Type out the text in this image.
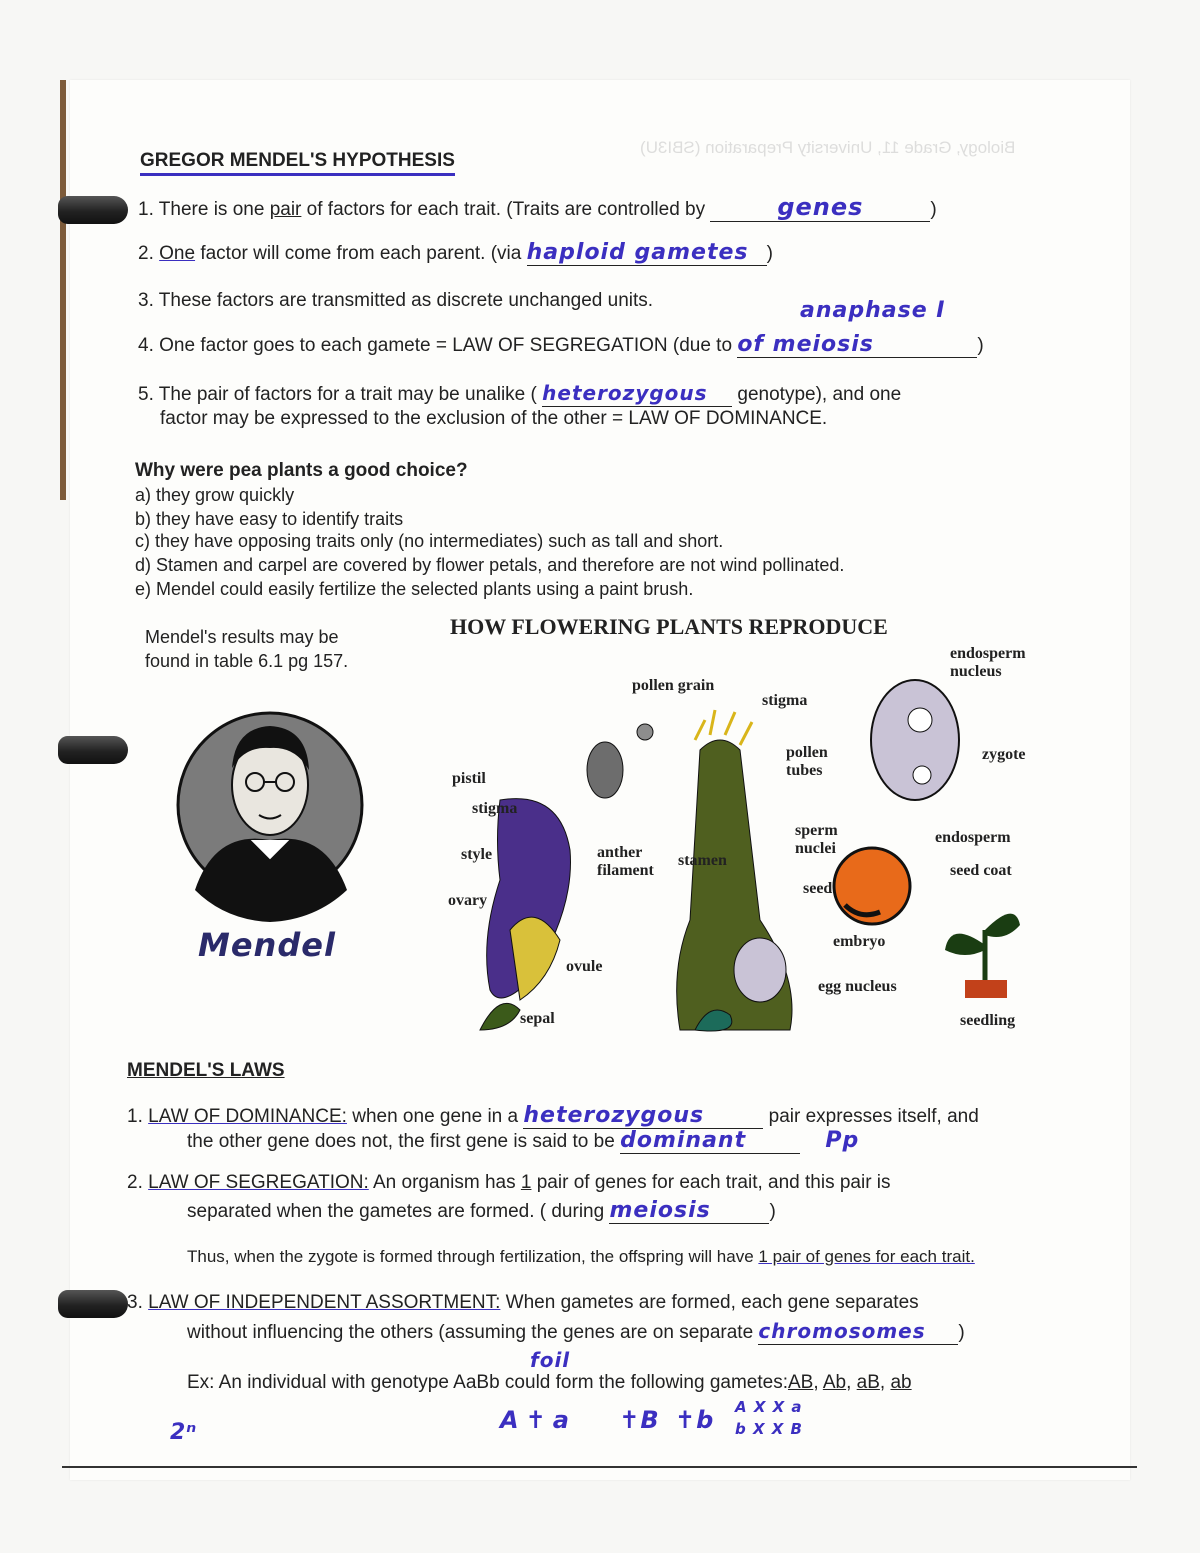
Biology, Grade 11, University Preparation (SBI3U)
GREGOR MENDEL'S HYPOTHESIS
1. There is one pair of factors for each trait. (Traits are controlled by	genes	)
2. One factor will come from each parent. (via haploid gametes )
3. These factors are transmitted as discrete unchanged units.	anaphase I
4. One factor goes to each gamete = LAW OF SEGREGATION (due to of meiosis	)
5. The pair of factors for a trait may be unalike ( heterozygous genotype), and one
factor may be expressed to the exclusion of the other = LAW OF DOMINANCE.
Why were pea plants a good choice?
a) they grow quickly
b) they have easy to identify traits
c) they have opposing traits only (no intermediates) such as tall and short.
d) Stamen and carpel are covered by flower petals, and therefore are not wind pollinated.
e) Mendel could easily fertilize the selected plants using a paint brush.
Mendel's results may be
found in table 6.1 pg 157.
HOW FLOWERING PLANTS REPRODUCE
Mendel
pollen grain
stigma
pollen
tubes
endosperm
nucleus
zygote
pistil
stigma
style	anther
filament
stamen
sperm
nuclei
endosperm
seed coat
seed
ovary
embryo
ovule
egg nucleus
sepal	seedling
MENDEL'S LAWS
1. LAW OF DOMINANCE: when one gene in a heterozygous	pair expresses itself, and
the other gene does not, the first gene is said to be dominant	Pp
2. LAW OF SEGREGATION: An organism has 1 pair of genes for each trait, and this pair is
separated when the gametes are formed. ( during meiosis	)
Thus, when the zygote is formed through fertilization, the offspring will have 1 pair of genes for each trait.
3. LAW OF INDEPENDENT ASSORTMENT: When gametes are formed, each gene separates
without influencing the others (assuming the genes are on separate chromosomes )
foil
Ex: An individual with genotype AaBb could form the following gametes:AB, Ab, aB, ab
2ⁿ	A ✝ a ✝B ✝b A X X a
b X X B
